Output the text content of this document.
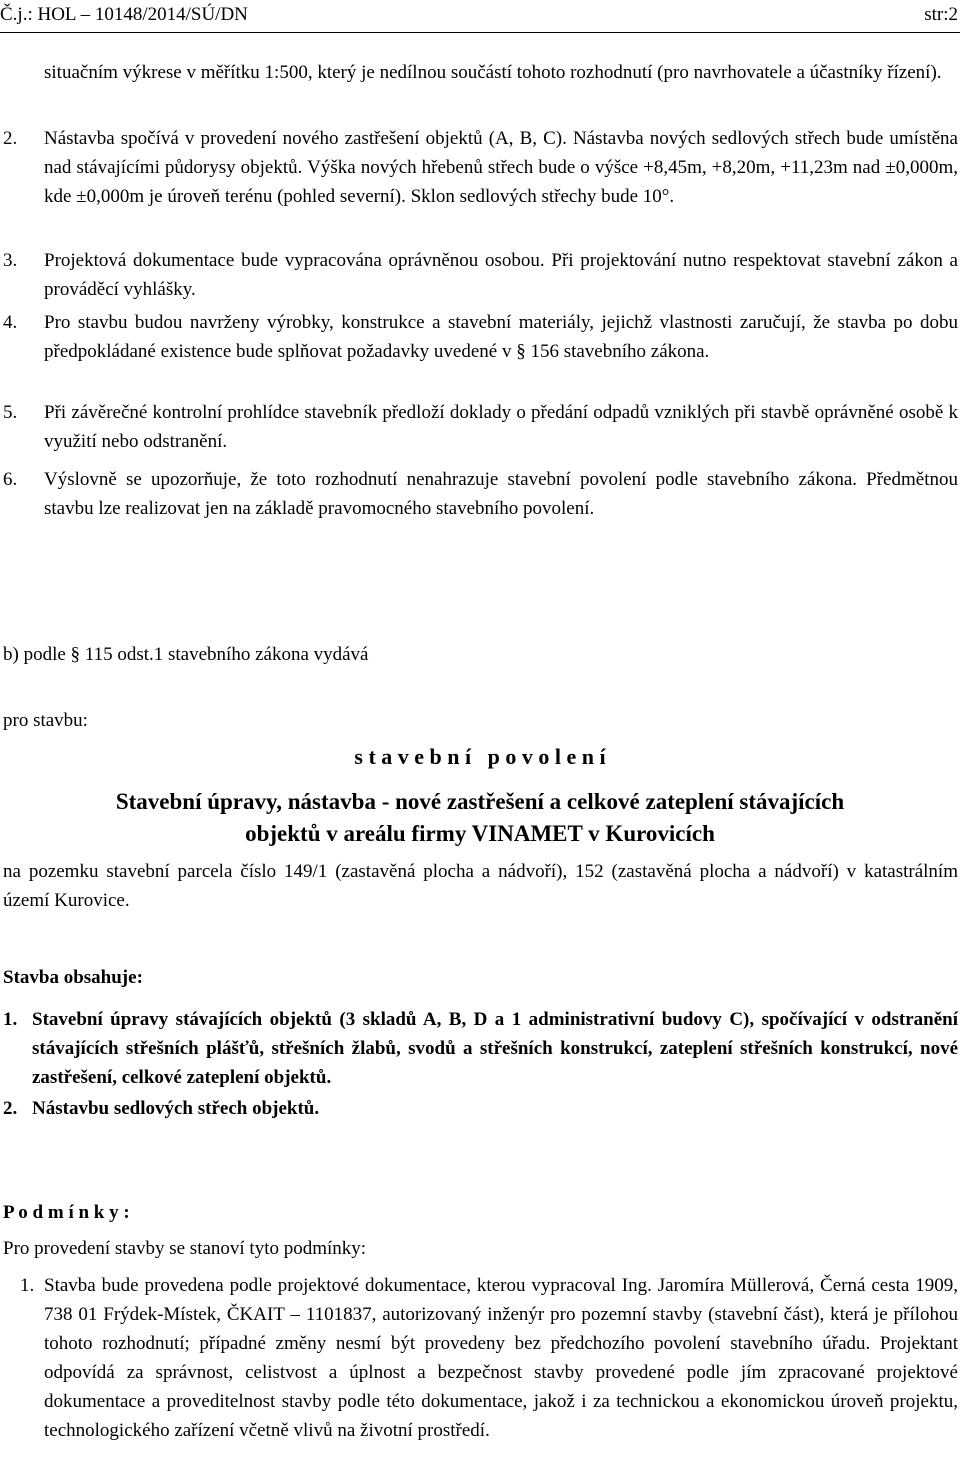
Č.j.: HOL – 10148/2014/SÚ/DN	str:2
situačním výkrese v měřítku 1:500, který je nedílnou součástí tohoto rozhodnutí (pro navrhovatele a účastníky řízení).
2. Nástavba spočívá v provedení nového zastřešení objektů (A, B, C). Nástavba nových sedlových střech bude umístěna nad stávajícími půdorysy objektů. Výška nových hřebenů střech bude o výšce +8,45m, +8,20m, +11,23m nad ±0,000m, kde ±0,000m je úroveň terénu (pohled severní). Sklon sedlových střechy bude 10°.
3. Projektová dokumentace bude vypracována oprávněnou osobou. Při projektování nutno respektovat stavební zákon a prováděcí vyhlášky.
4. Pro stavbu budou navrženy výrobky, konstrukce a stavební materiály, jejichž vlastnosti zaručují, že stavba po dobu předpokládané existence bude splňovat požadavky uvedené v § 156 stavebního zákona.
5. Při závěrečné kontrolní prohlídce stavebník předloží doklady o předání odpadů vzniklých při stavbě oprávněné osobě k využití nebo odstranění.
6. Výslovně se upozorňuje, že toto rozhodnutí nenahrazuje stavební povolení podle stavebního zákona. Předmětnou stavbu lze realizovat jen na základě pravomocného stavebního povolení.
b) podle § 115 odst.1 stavebního zákona vydává
pro stavbu:
s t a v e b n í   p o v o l e n í
Stavební úpravy, nástavba - nové zastřešení a celkové zateplení stávajících
objektů v areálu firmy VINAMET v Kurovicích
na pozemku stavební parcela číslo 149/1 (zastavěná plocha a nádvoří), 152 (zastavěná plocha a nádvoří) v katastrálním území Kurovice.
Stavba obsahuje:
1. Stavební úpravy stávajících objektů (3 skladů A, B, D a 1 administrativní budovy C), spočívající v odstranění stávajících střešních plášťů, střešních žlabů, svodů a střešních konstrukcí, zateplení střešních konstrukcí, nové zastřešení, celkové zateplení objektů.
2. Nástavbu sedlových střech objektů.
P o d m í n k y :
Pro provedení stavby se stanoví tyto podmínky:
1. Stavba bude provedena podle projektové dokumentace, kterou vypracoval Ing. Jaromíra Müllerová, Černá cesta 1909, 738 01 Frýdek-Místek, ČKAIT – 1101837, autorizovaný inženýr pro pozemní stavby (stavební část), která je přílohou tohoto rozhodnutí; případné změny nesmí být provedeny bez předchozího povolení stavebního úřadu. Projektant odpovídá za správnost, celistvost a úplnost a bezpečnost stavby provedené podle jím zpracované projektové dokumentace a proveditelnost stavby podle této dokumentace, jakož i za technickou a ekonomickou úroveň projektu, technologického zařízení včetně vlivů na životní prostředí.
